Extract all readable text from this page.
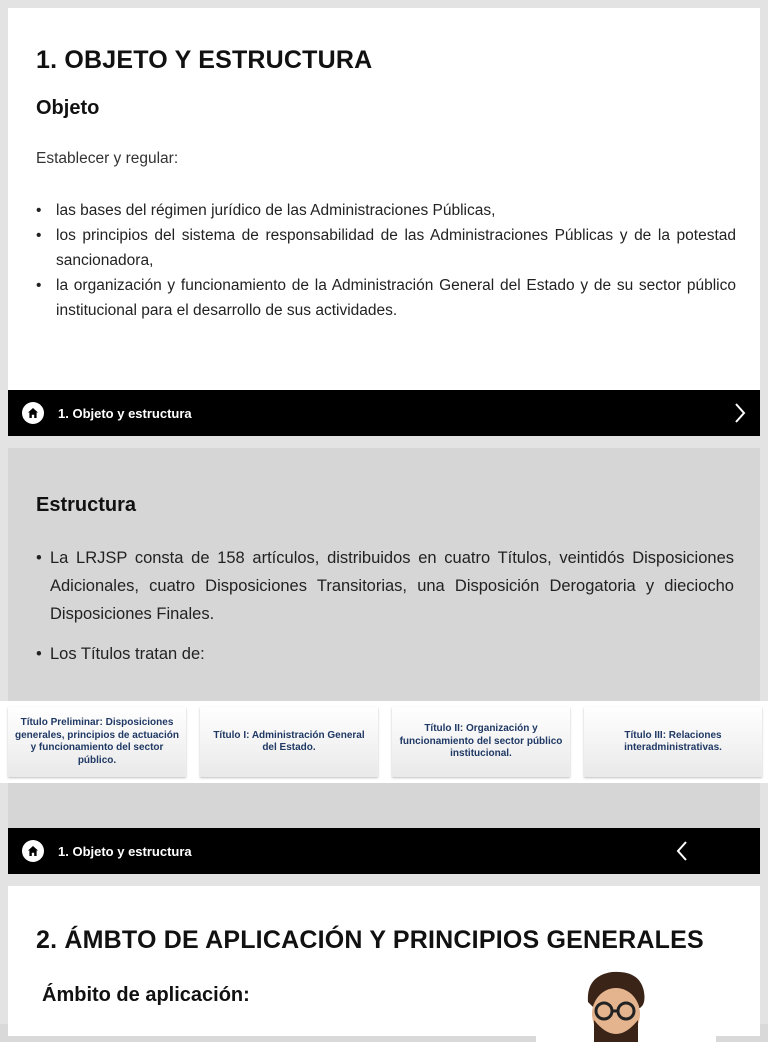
1. OBJETO Y ESTRUCTURA
Objeto
Establecer y regular:
• las bases del régimen jurídico de las Administraciones Públicas,
• los principios del sistema de responsabilidad de las Administraciones Públicas y de la potestad sancionadora,
• la organización y funcionamiento de la Administración General del Estado y de su sector público institucional para el desarrollo de sus actividades.
1. Objeto y estructura
Estructura
• La LRJSP consta de 158 artículos, distribuidos en cuatro Títulos, veintidós Disposiciones Adicionales, cuatro Disposiciones Transitorias, una Disposición Derogatoria y dieciocho Disposiciones Finales.
• Los Títulos tratan de:
Título Preliminar: Disposiciones generales, principios de actuación y funcionamiento del sector público.
Título I: Administración General del Estado.
Título II: Organización y funcionamiento del sector público institucional.
Título III: Relaciones interadministrativas.
1. Objeto y estructura
2. ÁMBTO DE APLICACIÓN Y PRINCIPIOS GENERALES
Ámbito de aplicación:
